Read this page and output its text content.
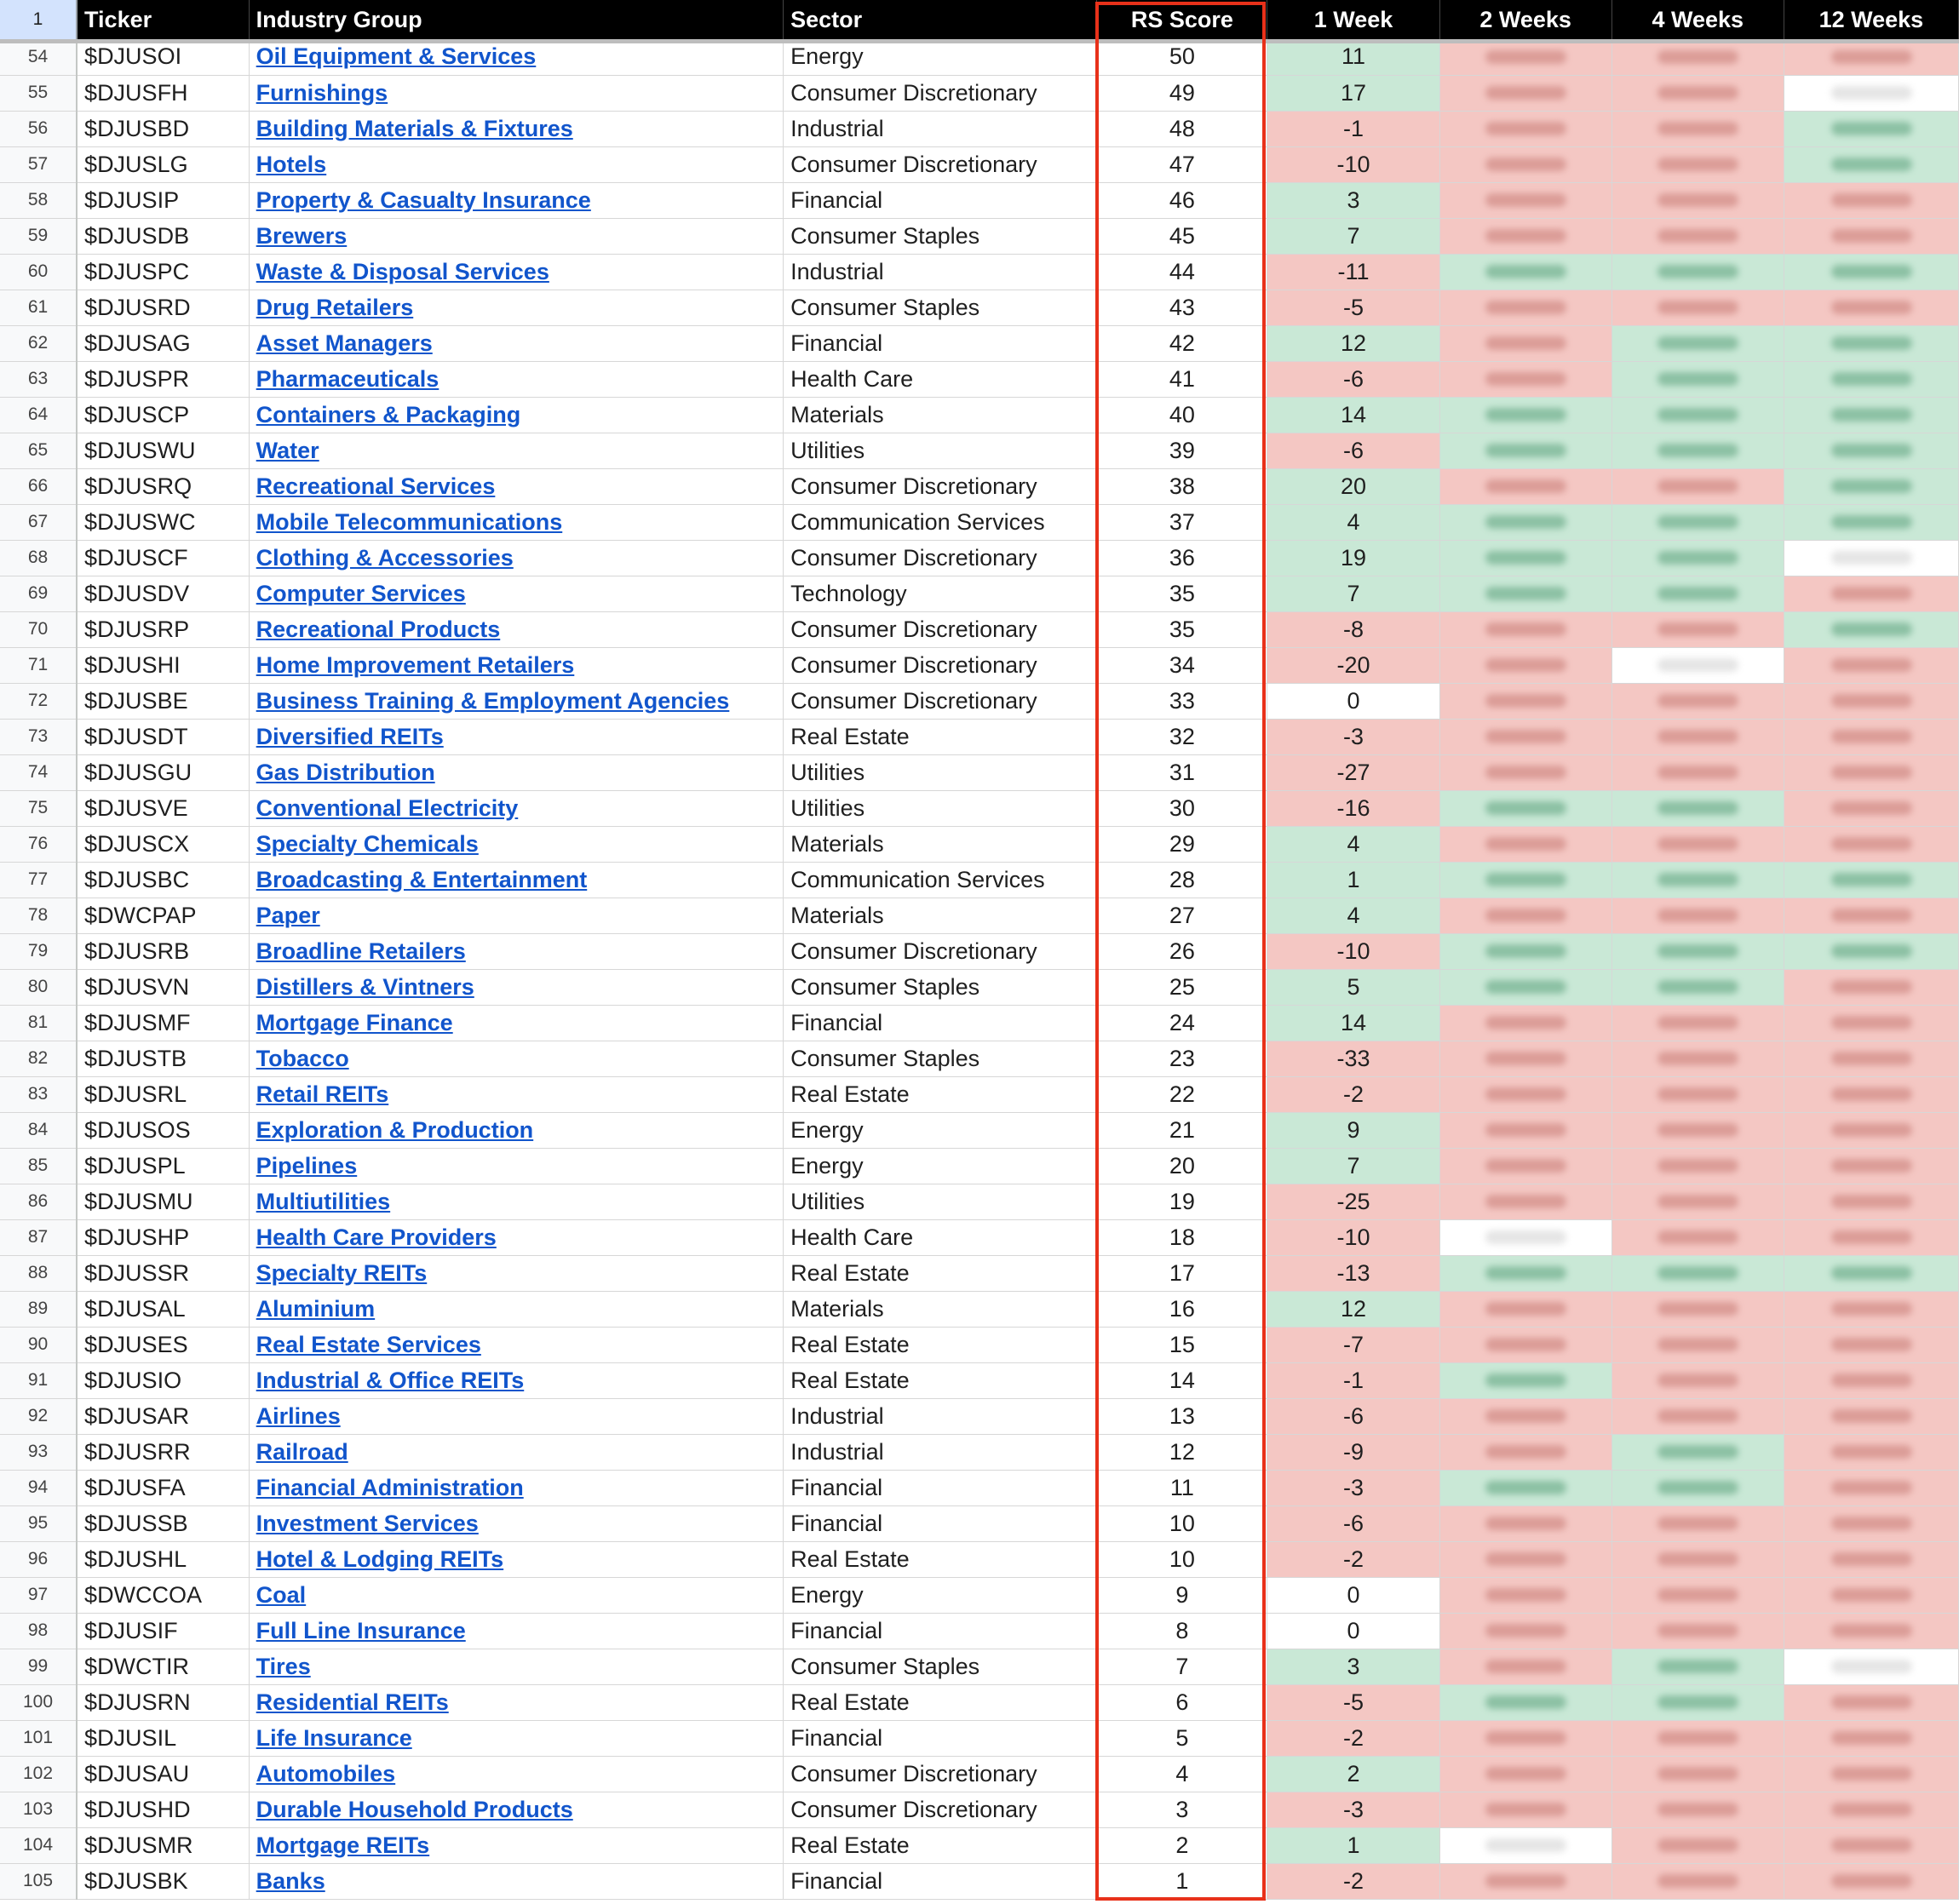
1	Ticker	Industry Group	Sector	RS Score	1 Week	2 Weeks	4 Weeks	12 Weeks
54	$DJUSOI	Oil Equipment & Services	Energy	50	11	

55	$DJUSFH	Furnishings	Consumer Discretionary	49	17	

56	$DJUSBD	Building Materials & Fixtures	Industrial	48	-1	

57	$DJUSLG	Hotels	Consumer Discretionary	47	-10	

58	$DJUSIP	Property & Casualty Insurance	Financial	46	3	

59	$DJUSDB	Brewers	Consumer Staples	45	7	

60	$DJUSPC	Waste & Disposal Services	Industrial	44	-11	

61	$DJUSRD	Drug Retailers	Consumer Staples	43	-5	

62	$DJUSAG	Asset Managers	Financial	42	12	

63	$DJUSPR	Pharmaceuticals	Health Care	41	-6	

64	$DJUSCP	Containers & Packaging	Materials	40	14	

65	$DJUSWU	Water	Utilities	39	-6	

66	$DJUSRQ	Recreational Services	Consumer Discretionary	38	20	

67	$DJUSWC	Mobile Telecommunications	Communication Services	37	4	

68	$DJUSCF	Clothing & Accessories	Consumer Discretionary	36	19	

69	$DJUSDV	Computer Services	Technology	35	7	

70	$DJUSRP	Recreational Products	Consumer Discretionary	35	-8	

71	$DJUSHI	Home Improvement Retailers	Consumer Discretionary	34	-20	

72	$DJUSBE	Business Training & Employment Agencies	Consumer Discretionary	33	0	

73	$DJUSDT	Diversified REITs	Real Estate	32	-3	

74	$DJUSGU	Gas Distribution	Utilities	31	-27	

75	$DJUSVE	Conventional Electricity	Utilities	30	-16	

76	$DJUSCX	Specialty Chemicals	Materials	29	4	

77	$DJUSBC	Broadcasting & Entertainment	Communication Services	28	1	

78	$DWCPAP	Paper	Materials	27	4	

79	$DJUSRB	Broadline Retailers	Consumer Discretionary	26	-10	

80	$DJUSVN	Distillers & Vintners	Consumer Staples	25	5	

81	$DJUSMF	Mortgage Finance	Financial	24	14	

82	$DJUSTB	Tobacco	Consumer Staples	23	-33	

83	$DJUSRL	Retail REITs	Real Estate	22	-2	

84	$DJUSOS	Exploration & Production	Energy	21	9	

85	$DJUSPL	Pipelines	Energy	20	7	

86	$DJUSMU	Multiutilities	Utilities	19	-25	

87	$DJUSHP	Health Care Providers	Health Care	18	-10	

88	$DJUSSR	Specialty REITs	Real Estate	17	-13	

89	$DJUSAL	Aluminium	Materials	16	12	

90	$DJUSES	Real Estate Services	Real Estate	15	-7	

91	$DJUSIO	Industrial & Office REITs	Real Estate	14	-1	

92	$DJUSAR	Airlines	Industrial	13	-6	

93	$DJUSRR	Railroad	Industrial	12	-9	

94	$DJUSFA	Financial Administration	Financial	11	-3	

95	$DJUSSB	Investment Services	Financial	10	-6	

96	$DJUSHL	Hotel & Lodging REITs	Real Estate	10	-2	

97	$DWCCOA	Coal	Energy	9	0	

98	$DJUSIF	Full Line Insurance	Financial	8	0	

99	$DWCTIR	Tires	Consumer Staples	7	3	

100	$DJUSRN	Residential REITs	Real Estate	6	-5	

101	$DJUSIL	Life Insurance	Financial	5	-2	

102	$DJUSAU	Automobiles	Consumer Discretionary	4	2	

103	$DJUSHD	Durable Household Products	Consumer Discretionary	3	-3	

104	$DJUSMR	Mortgage REITs	Real Estate	2	1	

105	$DJUSBK	Banks	Financial	1	-2	
